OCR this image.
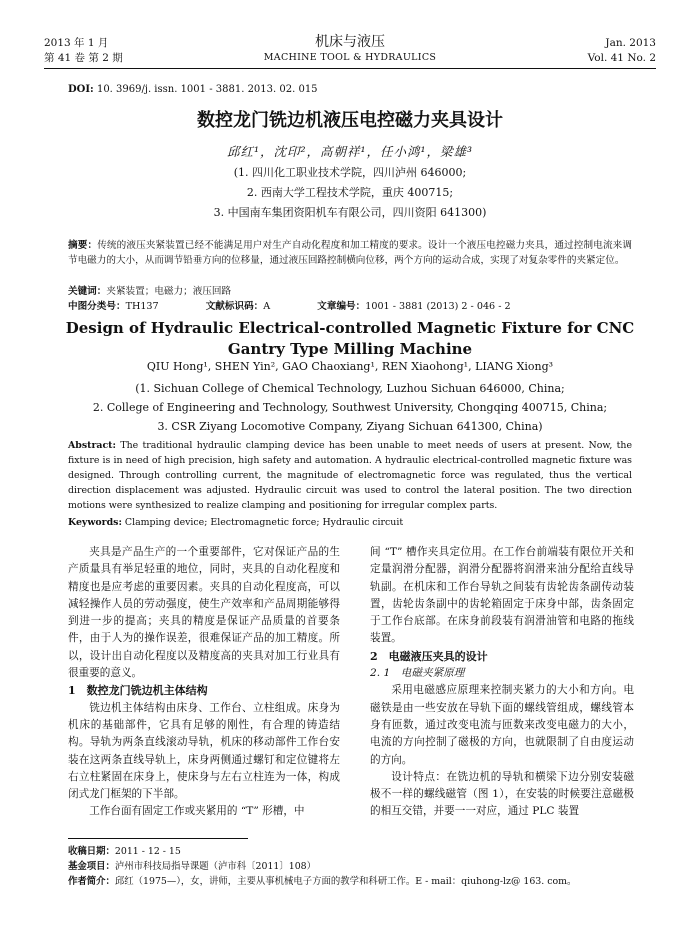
2013 年 1 月
第 41 卷 第 2 期
机床与液压
MACHINE TOOL & HYDRAULICS
Jan. 2013
Vol. 41 No. 2
DOI: 10. 3969/j. issn. 1001 - 3881. 2013. 02. 015
数控龙门铣边机液压电控磁力夹具设计
邱红¹，沈印²，高朝祥¹，任小鸿¹，梁雄³
(1. 四川化工职业技术学院，四川泸州 646000;
2. 西南大学工程技术学院，重庆 400715;
3. 中国南车集团资阳机车有限公司，四川资阳 641300)
摘要：传统的液压夹紧装置已经不能满足用户对生产自动化程度和加工精度的要求。设计一个液压电控磁力夹具，通过控制电流来调节电磁力的大小，从而调节铅垂方向的位移量，通过液压回路控制横向位移，两个方向的运动合成，实现了对复杂零件的夹紧定位。
关键词：夹紧装置；电磁力；液压回路
中图分类号：TH137	文献标识码：A	文章编号：1001 - 3881 (2013) 2 - 046 - 2
Design of Hydraulic Electrical-controlled Magnetic Fixture for CNC Gantry Type Milling Machine
QIU Hong¹, SHEN Yin², GAO Chaoxiang¹, REN Xiaohong¹, LIANG Xiong³
(1. Sichuan College of Chemical Technology, Luzhou Sichuan 646000, China;
2. College of Engineering and Technology, Southwest University, Chongqing 400715, China;
3. CSR Ziyang Locomotive Company, Ziyang Sichuan 641300, China)
Abstract: The traditional hydraulic clamping device has been unable to meet needs of users at present. Now, the fixture is in need of high precision, high safety and automation. A hydraulic electrical-controlled magnetic fixture was designed. Through controlling current, the magnitude of electromagnetic force was regulated, thus the vertical direction displacement was adjusted. Hydraulic circuit was used to control the lateral position. The two direction motions were synthesized to realize clamping and positioning for irregular complex parts.
Keywords: Clamping device; Electromagnetic force; Hydraulic circuit

夹具是产品生产的一个重要部件，它对保证产品的生产质量具有举足轻重的地位，同时，夹具的自动化程度和精度也是应考虑的重要因素。夹具的自动化程度高，可以减轻操作人员的劳动强度，使生产效率和产品周期能够得到进一步的提高；夹具的精度是保证产品质量的首要条件，由于人为的操作误差，很难保证产品的加工精度。所以，设计出自动化程度以及精度高的夹具对加工行业具有很重要的意义。

1　数控龙门铣边机主体结构

铣边机主体结构由床身、工作台、立柱组成。床身为机床的基础部件，它具有足够的刚性，有合理的铸造结构。导轨为两条直线滚动导轨，机床的移动部件工作台安装在这两条直线导轨上，床身两侧通过螺钉和定位键将左右立柱紧固在床身上，使床身与左右立柱连为一体，构成闭式龙门框架的下半部。

工作台面有固定工作或夹紧用的 “T” 形槽，中

间 “T” 槽作夹具定位用。在工作台前端装有限位开关和定量润滑分配器，润滑分配器将润滑来油分配给直线导轨副。在机床和工作台导轨之间装有齿轮齿条副传动装置，齿轮齿条副中的齿轮箱固定于床身中部，齿条固定于工作台底部。在床身前段装有润滑油管和电路的拖线装置。

2　电磁液压夹具的设计
2. 1　电磁夹紧原理

采用电磁感应原理来控制夹紧力的大小和方向。电磁铁是由一些安放在导轨下面的螺线管组成，螺线管本身有匝数，通过改变电流与匝数来改变电磁力的大小，电流的方向控制了磁极的方向，也就限制了自由度运动的方向。

设计特点：在铣边机的导轨和横梁下边分别安装磁极不一样的螺线磁管（图 1），在安装的时候要注意磁极的相互交错，并要一一对应，通过 PLC 装置

收稿日期：2011 - 12 - 15
基金项目：泸州市科技局指导课题（泸市科〔2011〕108）
作者简介：邱红（1975—），女，讲师，主要从事机械电子方面的教学和科研工作。E - mail：qiuhong-lz@ 163. com。
